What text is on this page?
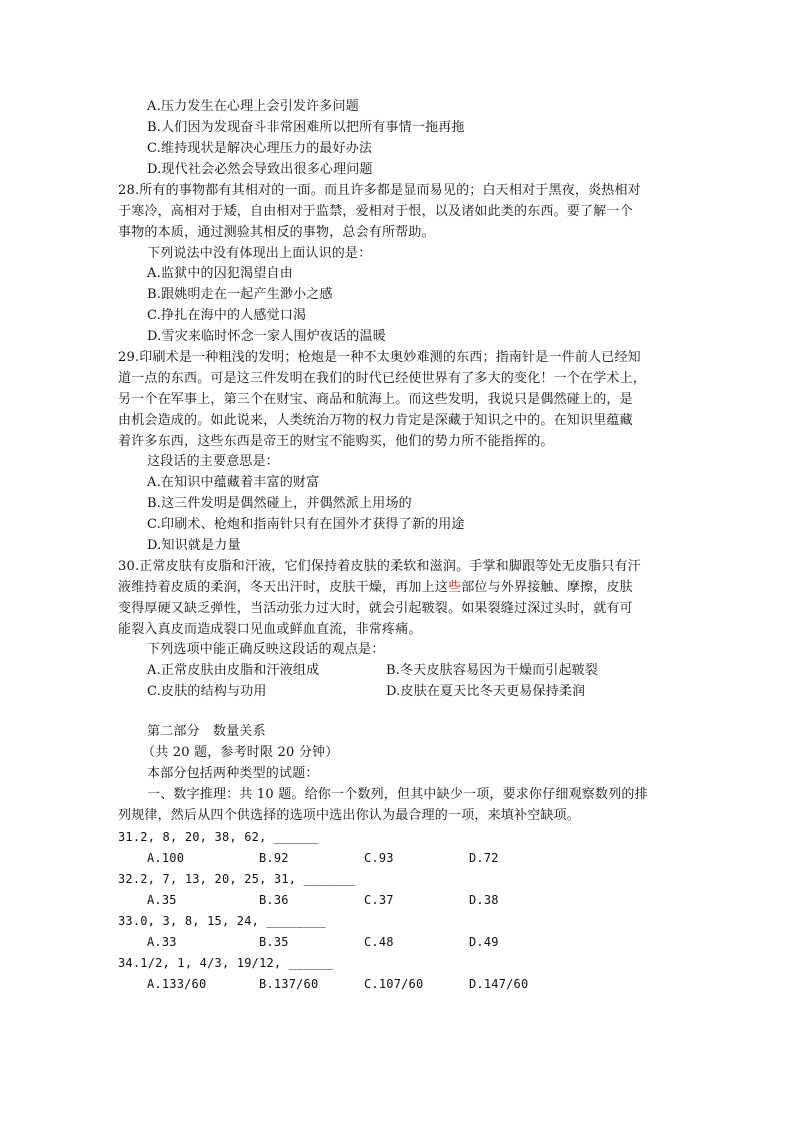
A.压力发生在心理上会引发许多问题
B.人们因为发现奋斗非常困难所以把所有事情一拖再拖
C.维持现状是解决心理压力的最好办法
D.现代社会必然会导致出很多心理问题
28.所有的事物都有其相对的一面。而且许多都是显而易见的；白天相对于黑夜，炎热相对
于寒冷，高相对于矮，自由相对于监禁，爱相对于恨，以及诸如此类的东西。要了解一个
事物的本质，通过测验其相反的事物，总会有所帮助。
下列说法中没有体现出上面认识的是：
A.监狱中的囚犯渴望自由
B.跟姚明走在一起产生渺小之感
C.挣扎在海中的人感觉口渴
D.雪灾来临时怀念一家人围炉夜话的温暖
29.印刷术是一种粗浅的发明；枪炮是一种不太奥妙难测的东西；指南针是一件前人已经知
道一点的东西。可是这三件发明在我们的时代已经使世界有了多大的变化！一个在学术上，
另一个在军事上，第三个在财宝、商品和航海上。而这些发明，我说只是偶然碰上的，是
由机会造成的。如此说来，人类统治万物的权力肯定是深藏于知识之中的。在知识里蕴藏
着许多东西，这些东西是帝王的财宝不能购买，他们的势力所不能指挥的。
这段话的主要意思是：
A.在知识中蕴藏着丰富的财富
B.这三件发明是偶然碰上，并偶然派上用场的
C.印刷术、枪炮和指南针只有在国外才获得了新的用途
D.知识就是力量
30.正常皮肤有皮脂和汗液，它们保持着皮肤的柔软和滋润。手掌和脚跟等处无皮脂只有汗
液维持着皮质的柔润，冬天出汗时，皮肤干燥，再加上这些部位与外界接触、摩擦，皮肤
变得厚硬又缺乏弹性，当活动张力过大时，就会引起皲裂。如果裂缝过深过头时，就有可
能裂入真皮而造成裂口见血或鲜血直流，非常疼痛。
下列选项中能正确反映这段话的观点是：
A.正常皮肤由皮脂和汗液组成	B.冬天皮肤容易因为干燥而引起皲裂
C.皮肤的结构与功用	D.皮肤在夏天比冬天更易保持柔润
第二部分　数量关系
（共 20 题，参考时限 20 分钟）
本部分包括两种类型的试题：
一、数字推理：共 10 题。给你一个数列，但其中缺少一项，要求你仔细观察数列的排
列规律，然后从四个供选择的选项中选出你认为最合理的一项，来填补空缺项。
31.2, 8, 20, 38, 62, ______
A.100	B.92	C.93	D.72
32.2, 7, 13, 20, 25, 31, _______
A.35	B.36	C.37	D.38
33.0, 3, 8, 15, 24, ________
A.33	B.35	C.48	D.49
34.1/2, 1, 4/3, 19/12, ______
A.133/60	B.137/60	C.107/60	D.147/60
